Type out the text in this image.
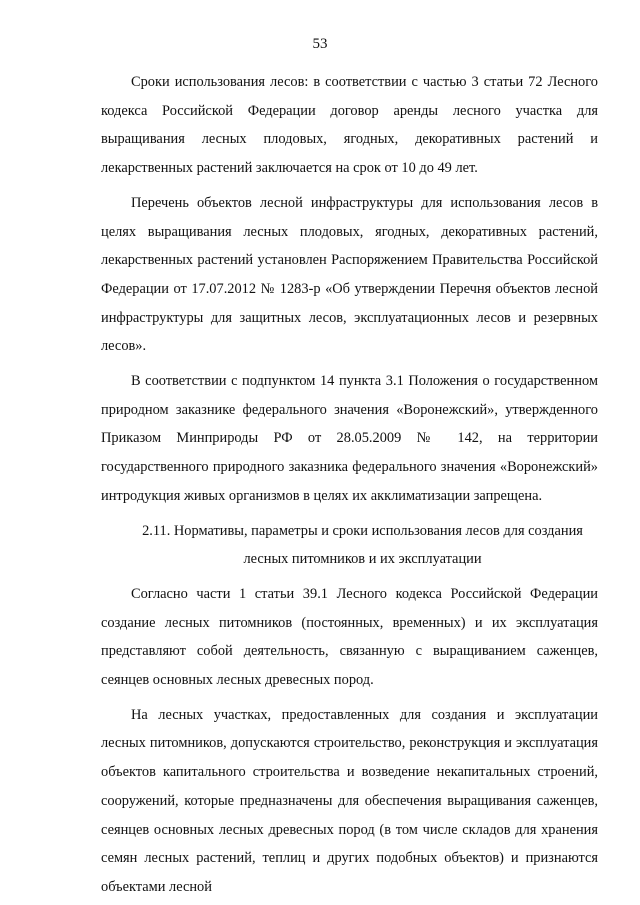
53

Сроки использования лесов: в соответствии с частью 3 статьи 72 Лесного кодекса Российской Федерации договор аренды лесного участка для выращивания лесных плодовых, ягодных, декоративных растений и лекарственных растений заключается на срок от 10 до 49 лет.

Перечень объектов лесной инфраструктуры для использования лесов в целях выращивания лесных плодовых, ягодных, декоративных растений, лекарственных растений установлен Распоряжением Правительства Российской Федерации от 17.07.2012 № 1283-р «Об утверждении Перечня объектов лесной инфраструктуры для защитных лесов, эксплуатационных лесов и резервных лесов».

В соответствии с подпунктом 14 пункта 3.1 Положения о государственном природном заказнике федерального значения «Воронежский», утвержденного Приказом Минприроды РФ от 28.05.2009 № 142, на территории государственного природного заказника федерального значения «Воронежский» интродукция живых организмов в целях их акклиматизации запрещена.

2.11. Нормативы, параметры и сроки использования лесов для создания лесных питомников и их эксплуатации

Согласно части 1 статьи 39.1 Лесного кодекса Российской Федерации создание лесных питомников (постоянных, временных) и их эксплуатация представляют собой деятельность, связанную с выращиванием саженцев, сеянцев основных лесных древесных пород.

На лесных участках, предоставленных для создания и эксплуатации лесных питомников, допускаются строительство, реконструкция и эксплуатация объектов капитального строительства и возведение некапитальных строений, сооружений, которые предназначены для обеспечения выращивания саженцев, сеянцев основных лесных древесных пород (в том числе складов для хранения семян лесных растений, теплиц и других подобных объектов) и признаются объектами лесной
